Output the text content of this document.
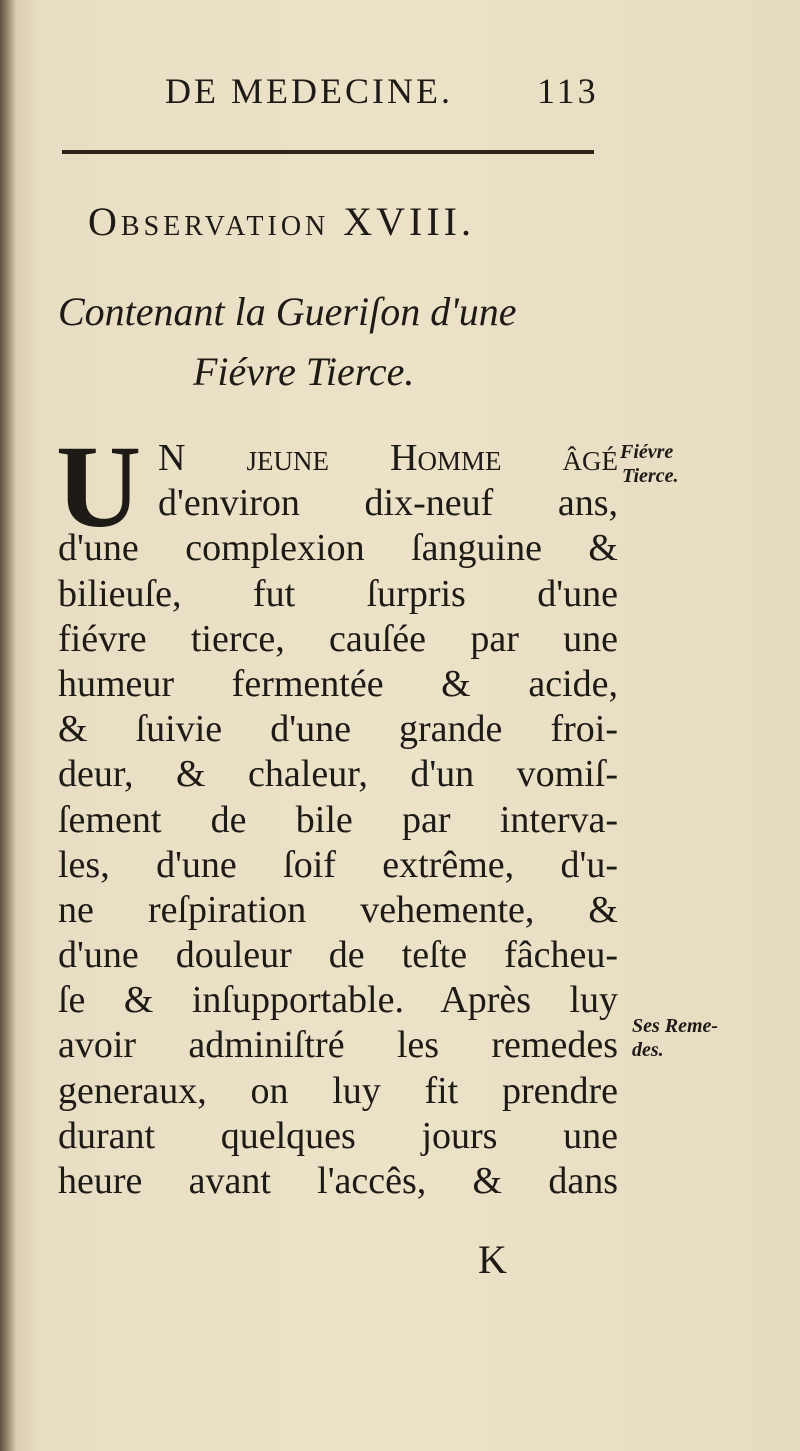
DE MEDECINE. 113
Observation XVIII.
Contenant la Gueriſon d'une
Fiévre Tierce.
U N jeune Homme âgé
d'environ dix-neuf ans,
d'une complexion ſanguine &
bilieuſe, fut ſurpris d'une
fiévre tierce, cauſée par une
humeur fermentée & acide,
& ſuivie d'une grande froi-
deur, & chaleur, d'un vomiſ-
ſement de bile par interva-
les, d'une ſoif extrême, d'u-
ne reſpiration vehemente, &
d'une douleur de teſte fâcheu-
ſe & inſupportable. Après luy
avoir adminiſtré les remedes
generaux, on luy fit prendre
durant quelques jours une
heure avant l'accês, & dans
Fiévre
Tierce.
Ses Reme-
des.
K
